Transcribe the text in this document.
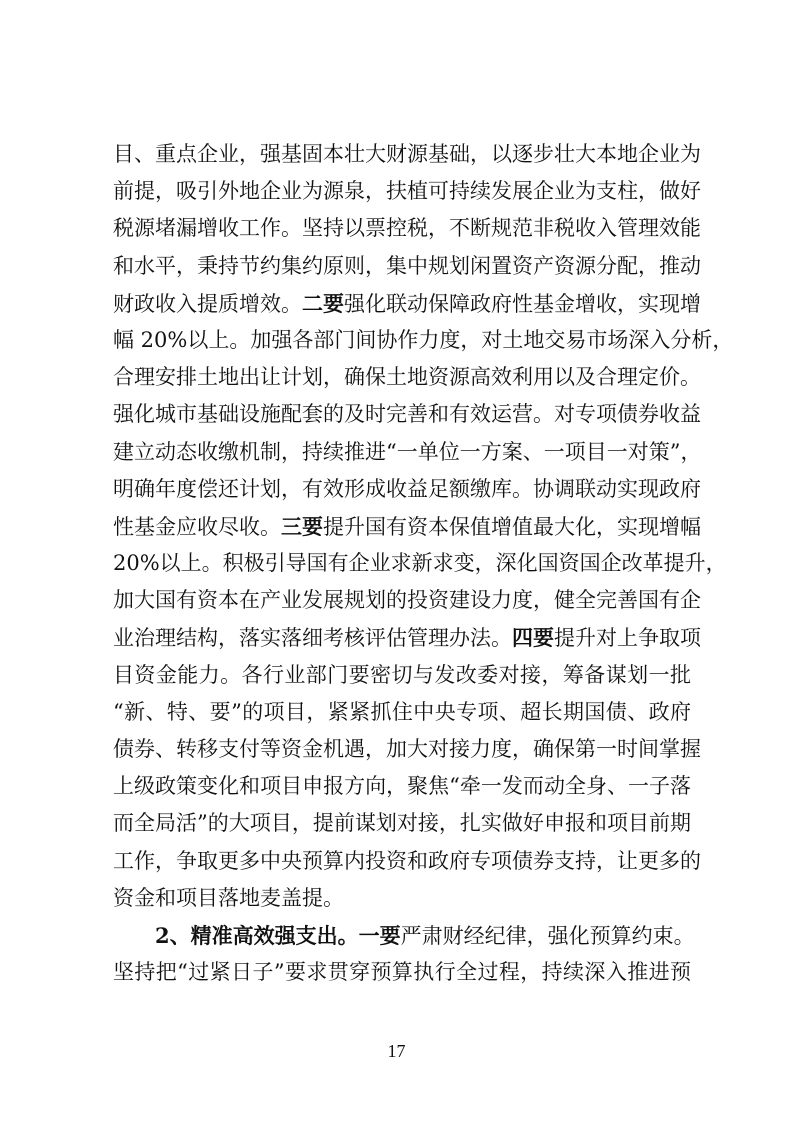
目、重点企业，强基固本壮大财源基础，以逐步壮大本地企业为
前提，吸引外地企业为源泉，扶植可持续发展企业为支柱，做好
税源堵漏增收工作。坚持以票控税，不断规范非税收入管理效能
和水平，秉持节约集约原则，集中规划闲置资产资源分配，推动
财政收入提质增效。二要强化联动保障政府性基金增收，实现增
幅 20%以上。加强各部门间协作力度，对土地交易市场深入分析，
合理安排土地出让计划，确保土地资源高效利用以及合理定价。
强化城市基础设施配套的及时完善和有效运营。对专项债券收益
建立动态收缴机制，持续推进“一单位一方案、一项目一对策”，
明确年度偿还计划，有效形成收益足额缴库。协调联动实现政府
性基金应收尽收。三要提升国有资本保值增值最大化，实现增幅
20%以上。积极引导国有企业求新求变，深化国资国企改革提升，
加大国有资本在产业发展规划的投资建设力度，健全完善国有企
业治理结构，落实落细考核评估管理办法。四要提升对上争取项
目资金能力。各行业部门要密切与发改委对接，筹备谋划一批
“新、特、要”的项目，紧紧抓住中央专项、超长期国债、政府
债券、转移支付等资金机遇，加大对接力度，确保第一时间掌握
上级政策变化和项目申报方向，聚焦“牵一发而动全身、一子落
而全局活”的大项目，提前谋划对接，扎实做好申报和项目前期
工作，争取更多中央预算内投资和政府专项债券支持，让更多的
资金和项目落地麦盖提。
2、精准高效强支出。一要严肃财经纪律，强化预算约束。
坚持把“过紧日子”要求贯穿预算执行全过程，持续深入推进预
17
